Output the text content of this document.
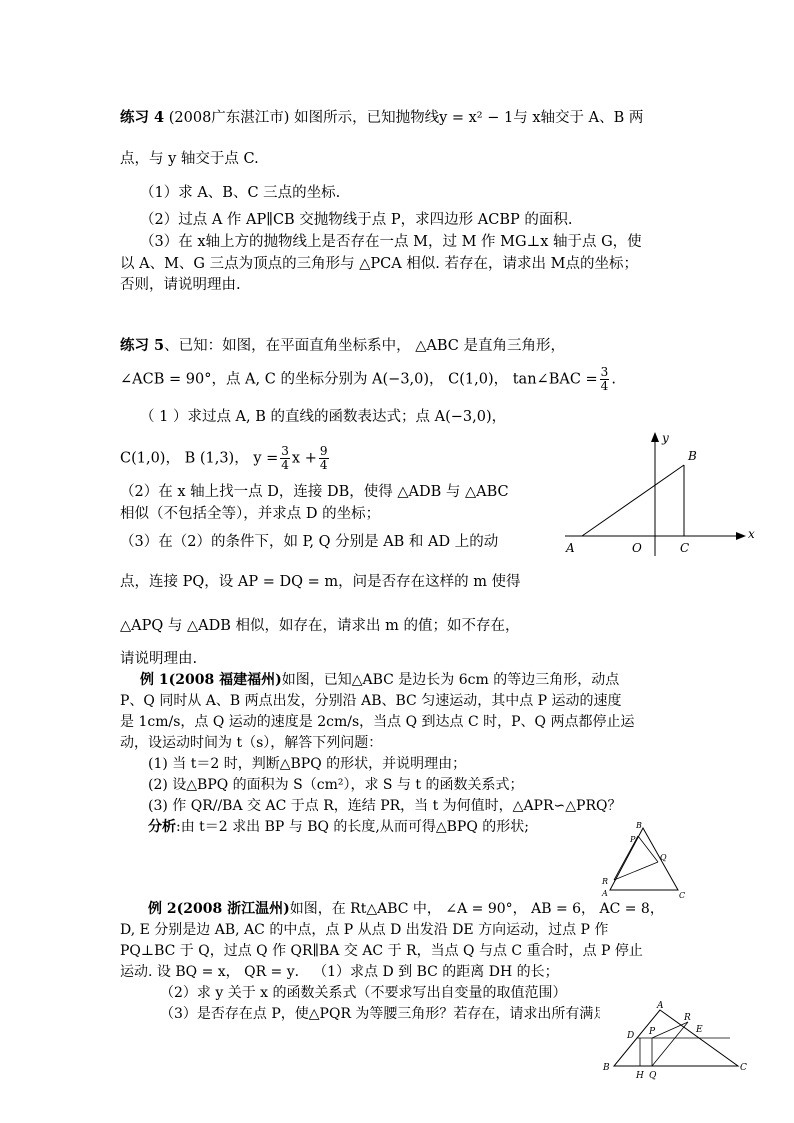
练习 4 (2008广东湛江市) 如图所示，已知抛物线y = x² − 1与 x轴交于 A、B 两
点，与 y 轴交于点 C.
（1）求 A、B、C 三点的坐标.
（2）过点 A 作 AP∥CB 交抛物线于点 P，求四边形 ACBP 的面积.
（3）在 x轴上方的抛物线上是否存在一点 M，过 M 作 MG⊥x 轴于点 G，使
以 A、M、G 三点为顶点的三角形与 △PCA 相似. 若存在，请求出 M点的坐标；
否则，请说明理由.
练习 5、已知：如图，在平面直角坐标系中， △ABC 是直角三角形，
∠ACB = 90°，点 A, C 的坐标分别为 A(−3,0)， C(1,0)， tan∠BAC = $\frac{3}{4}$ .
（ 1 ）求过点 A, B 的直线的函数表达式；点 A(−3,0)，
C(1,0)， B (1,3)， $y = \frac{3}{4}$ $x + \frac{9}{4}$
（2）在 x 轴上找一点 D，连接 DB，使得 △ADB 与 △ABC
相似（不包括全等），并求点 D 的坐标；
（3）在（2）的条件下，如 P, Q 分别是 AB 和 AD 上的动
点，连接 PQ，设 AP = DQ = m，问是否存在这样的 m 使得
△APQ 与 △ADB 相似，如存在，请求出 m 的值；如不存在，
请说明理由.
y
x
B
A	O	C
例 1(2008 福建福州)如图，已知△ABC 是边长为 6cm 的等边三角形，动点
P、Q 同时从 A、B 两点出发，分别沿 AB、BC 匀速运动，其中点 P 运动的速度
是 1cm/s，点 Q 运动的速度是 2cm/s，当点 Q 到达点 C 时，P、Q 两点都停止运
动，设运动时间为 t（s），解答下列问题：
(1) 当 t＝2 时，判断△BPQ 的形状，并说明理由；
(2) 设△BPQ 的面积为 S（cm²），求 S 与 t 的函数关系式；
(3) 作 QR//BA 交 AC 于点 R，连结 PR，当 t 为何值时，△APR∽△PRQ？
分析:由 t＝2 求出 BP 与 BQ 的长度,从而可得△BPQ 的形状;	B
P
Q
R
A	C
例 2(2008 浙江温州)如图，在 Rt△ABC 中， ∠A = 90°， AB = 6， AC = 8，
D, E 分别是边 AB, AC 的中点，点 P 从点 D 出发沿 DE 方向运动，过点 P 作
PQ⊥BC 于 Q，过点 Q 作 QR∥BA 交 AC 于 R，当点 Q 与点 C 重合时，点 P 停止
运动. 设 BQ = x， QR = y． （1）求点 D 到 BC 的距离 DH 的长；
（2）求 y 关于 x 的函数关系式（不要求写出自变量的取值范围）
（3）是否存在点 P，使△PQR 为等腰三角形？若存在，请求出所有满足要求 A
D P
R
E
B
H Q
C
